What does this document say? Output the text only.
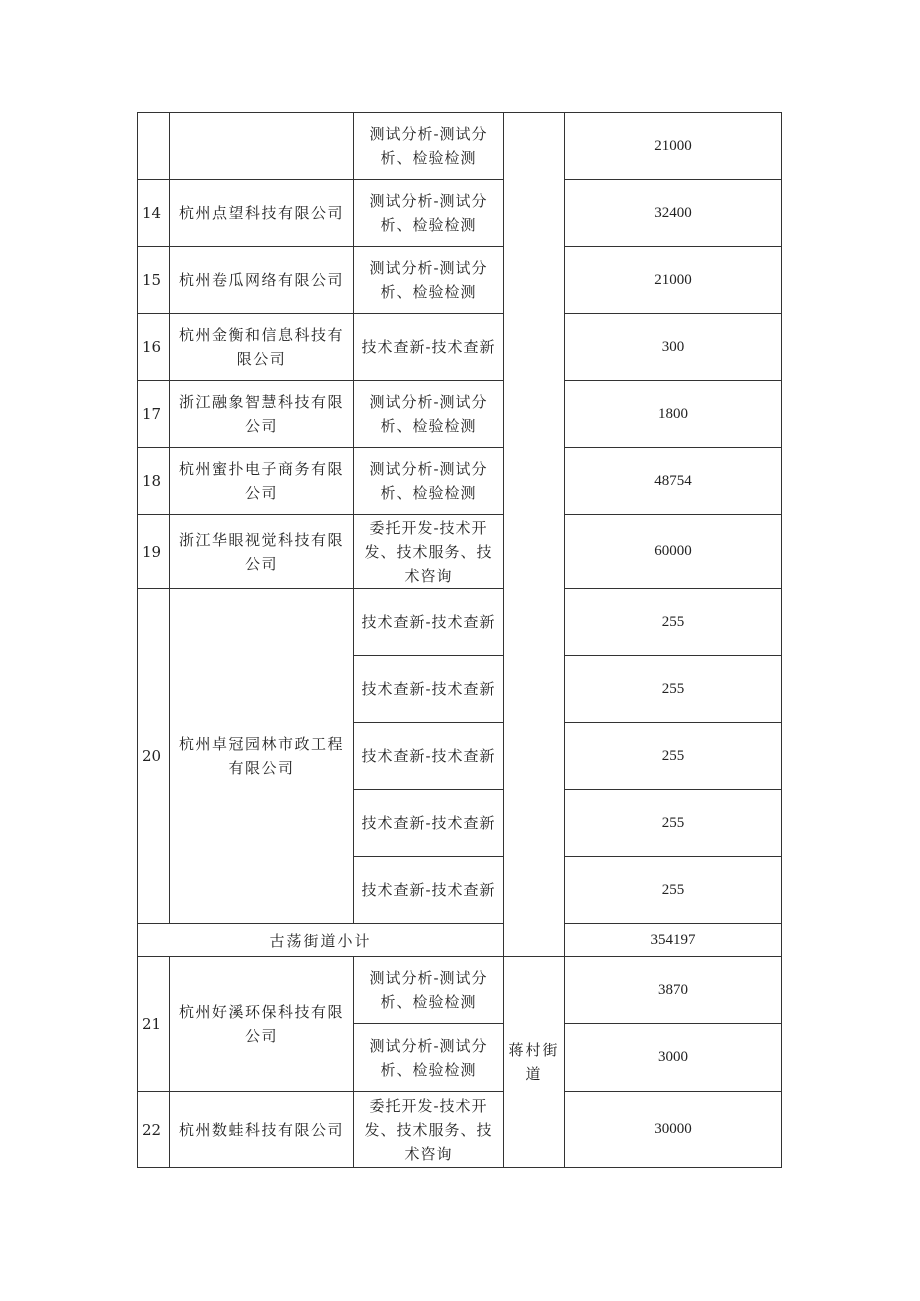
		测试分析-测试分析、检验检测		21000
14	杭州点望科技有限公司	测试分析-测试分析、检验检测		32400
15	杭州卷瓜网络有限公司	测试分析-测试分析、检验检测		21000
16	杭州金衡和信息科技有限公司	技术查新-技术查新		300
17	浙江融象智慧科技有限公司	测试分析-测试分析、检验检测		1800
18	杭州蜜扑电子商务有限公司	测试分析-测试分析、检验检测		48754
19	浙江华眼视觉科技有限公司	委托开发-技术开发、技术服务、技术咨询		60000
20	杭州卓冠园林市政工程有限公司	技术查新-技术查新		255
		技术查新-技术查新		255
		技术查新-技术查新		255
		技术查新-技术查新		255
		技术查新-技术查新		255
古荡街道小计				354197
21	杭州好溪环保科技有限公司	测试分析-测试分析、检验检测	蒋村街道	3870
		测试分析-测试分析、检验检测		3000
22	杭州数蛙科技有限公司	委托开发-技术开发、技术服务、技术咨询		30000
